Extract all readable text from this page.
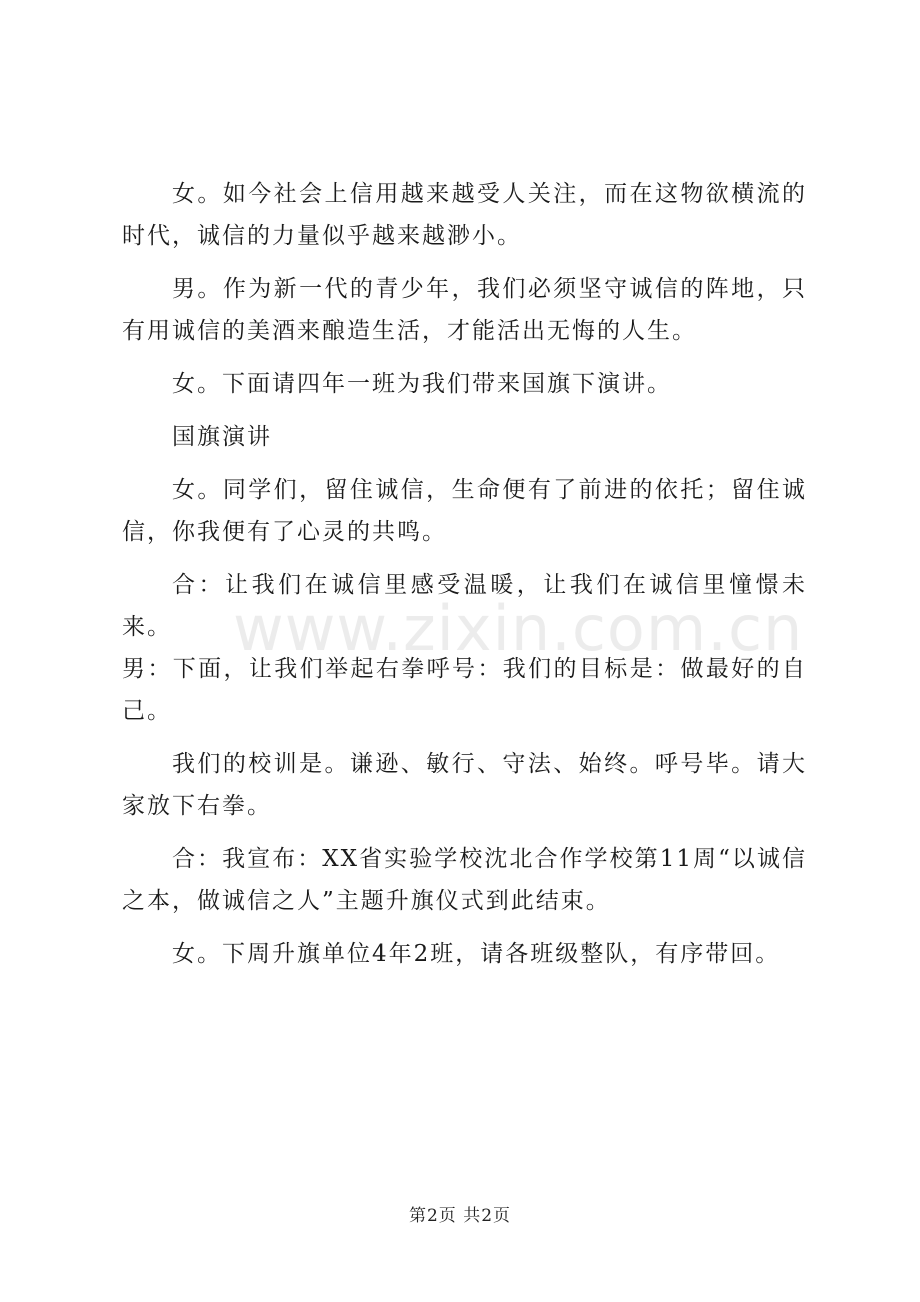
女。如今社会上信用越来越受人关注，而在这物欲横流的时代，诚信的力量似乎越来越渺小。

男。作为新一代的青少年，我们必须坚守诚信的阵地，只有用诚信的美酒来酿造生活，才能活出无悔的人生。

女。下面请四年一班为我们带来国旗下演讲。

国旗演讲

女。同学们，留住诚信，生命便有了前进的依托；留住诚信，你我便有了心灵的共鸣。

合：让我们在诚信里感受温暖，让我们在诚信里憧憬未来。

男：下面，让我们举起右拳呼号：我们的目标是：做最好的自己。

我们的校训是。谦逊、敏行、守法、始终。呼号毕。请大家放下右拳。

合：我宣布：XX省实验学校沈北合作学校第11周“以诚信之本，做诚信之人”主题升旗仪式到此结束。

女。下周升旗单位4年2班，请各班级整队，有序带回。

www.zixin.com.cn
第2页 共2页
